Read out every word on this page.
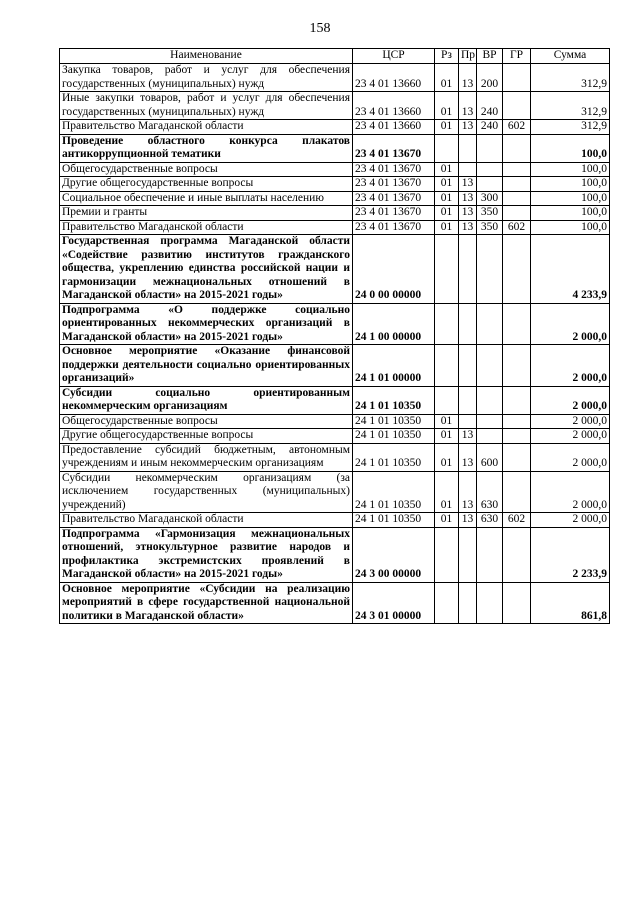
158
Наименование	ЦСР	Рз	Пр	ВР	ГР	Сумма
Закупка товаров, работ и услуг для обеспечения государственных (муниципальных) нужд	23 4 01 13660	01	13	200		312,9
Иные закупки товаров, работ и услуг для обеспечения государственных (муниципальных) нужд	23 4 01 13660	01	13	240		312,9
Правительство Магаданской области	23 4 01 13660	01	13	240	602	312,9
Проведение областного конкурса плакатов антикоррупционной тематики	23 4 01 13670					100,0
Общегосударственные вопросы	23 4 01 13670	01				100,0
Другие общегосударственные вопросы	23 4 01 13670	01	13			100,0
Социальное обеспечение и иные выплаты населению	23 4 01 13670	01	13	300		100,0
Премии и гранты	23 4 01 13670	01	13	350		100,0
Правительство Магаданской области	23 4 01 13670	01	13	350	602	100,0
Государственная программа Магаданской области «Содействие развитию институтов гражданского общества, укреплению единства российской нации и гармонизации межнациональных отношений в Магаданской области» на 2015-2021 годы»	24 0 00 00000					4 233,9
Подпрограмма «О поддержке социально ориентированных некоммерческих организаций в Магаданской области» на 2015-2021 годы»	24 1 00 00000					2 000,0
Основное мероприятие «Оказание финансовой поддержки деятельности социально ориентированных организаций»	24 1 01 00000					2 000,0
Субсидии социально ориентированным некоммерческим организациям	24 1 01 10350					2 000,0
Общегосударственные вопросы	24 1 01 10350	01				2 000,0
Другие общегосударственные вопросы	24 1 01 10350	01	13			2 000,0
Предоставление субсидий бюджетным, автономным учреждениям и иным некоммерческим организациям	24 1 01 10350	01	13	600		2 000,0
Субсидии некоммерческим организациям (за исключением государственных (муниципальных) учреждений)	24 1 01 10350	01	13	630		2 000,0
Правительство Магаданской области	24 1 01 10350	01	13	630	602	2 000,0
Подпрограмма «Гармонизация межнациональных отношений, этнокультурное развитие народов и профилактика экстремистских проявлений в Магаданской области» на 2015-2021 годы»	24 3 00 00000					2 233,9
Основное мероприятие «Субсидии на реализацию мероприятий в сфере государственной национальной политики в Магаданской области»	24 3 01 00000					861,8
